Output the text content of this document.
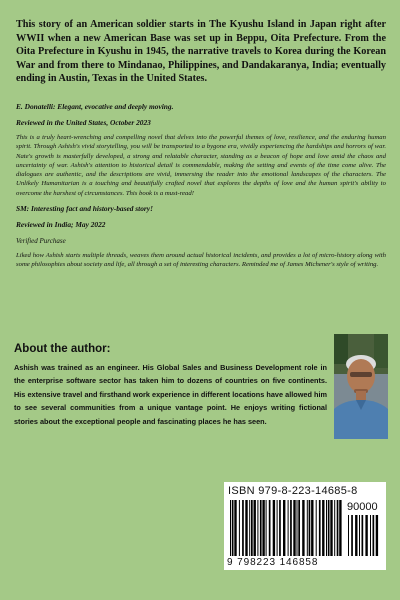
This story of an American soldier starts in The Kyushu Island in Japan right after WWII when a new American Base was set up in Beppu, Oita Prefecture. From the Oita Prefecture in Kyushu in 1945, the narrative travels to Korea during the Korean War and from there to Mindanao, Philippines, and Dandakaranya, India; eventually ending in Austin, Texas in the United States.

E. Donatelli: Elegant, evocative and deeply moving.

Reviewed in the United States, October 2023

This is a truly heart-wrenching and compelling novel that delves into the powerful themes of love, resilience, and the enduring human spirit. Through Ashish's vivid storytelling, you will be transported to a bygone era, vividly experiencing the hardships and horrors of war. Nate's growth is masterfully developed, a strong and relatable character, standing as a beacon of hope and love amid the chaos and uncertainty of war. Ashish's attention to historical detail is commendable, making the setting and events of the time come alive. The dialogues are authentic, and the descriptions are vivid, immersing the reader into the emotional landscapes of the characters. The Unlikely Humanitarian is a touching and beautifully crafted novel that explores the depths of love and the human spirit's ability to overcome the harshest of circumstances. This book is a must-read!

SM: Interesting fact and history-based story!

Reviewed in India; May 2022

Verified Purchase

Liked how Ashish starts multiple threads, weaves them around actual historical incidents, and provides a lot of micro-history along with some philosophies about society and life, all through a set of interesting characters. Reminded me of James Michener's style of writing.

About the author:

Ashish was trained as an engineer. His Global Sales and Business Development role in the enterprise software sector has taken him to dozens of countries on five continents. His extensive travel and firsthand work experience in different locations have allowed him to see several communities from a unique vantage point. He enjoys writing fictional stories about the exceptional people and fascinating places he has seen.

ISBN 979-8-223-14685-8
90000
9 798223 146858
